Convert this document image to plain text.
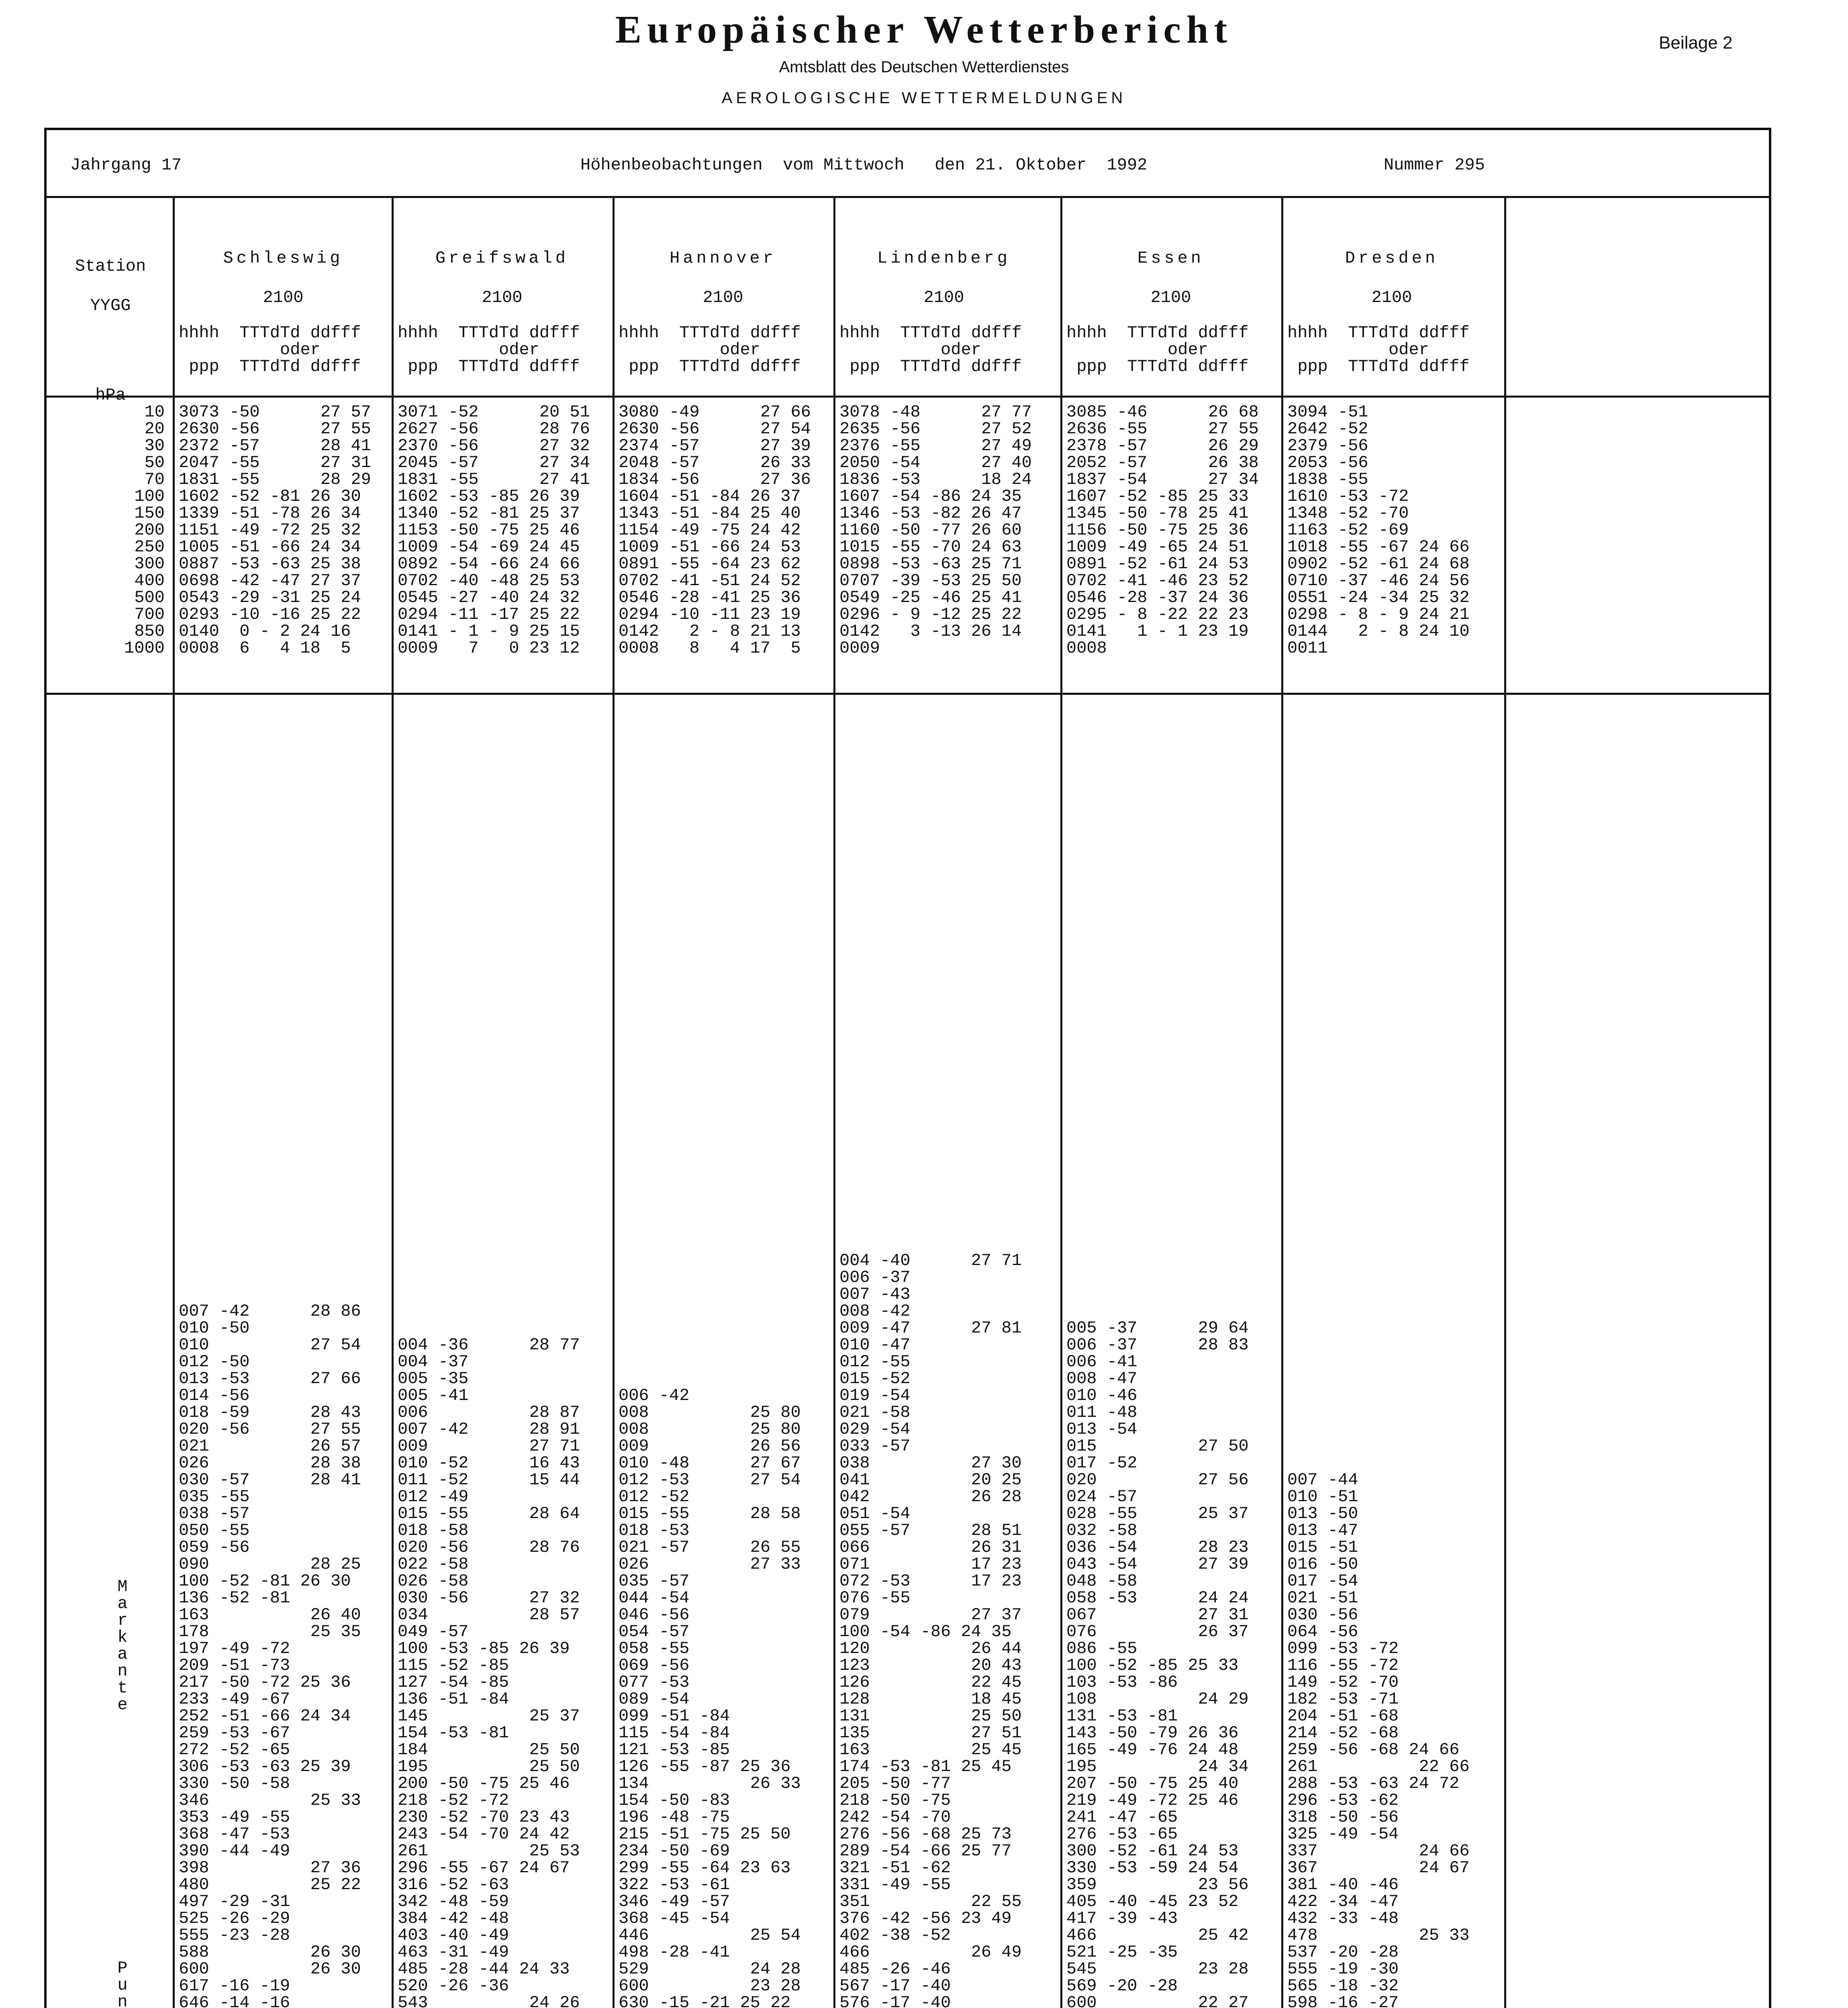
Europäischer Wetterbericht
Amtsblatt des Deutschen Wetterdienstes
AEROLOGISCHE WETTERMELDUNGEN
Beilage 2
Jahrgang 17	Höhenbeobachtungen  vom Mittwoch   den 21. Oktober  1992	Nummer 295
Station
YYGG
hPa
10
20
30
50
70
100
150
200
250
300
400
500
700
850
1000
M
a
r
k
a
n
t
e
P
u
n

Schleswig
2100
hhhh  TTTdTd ddfff
oder
ppp  TTTdTd ddfff
3073 -50      27 57
2630 -56      27 55
2372 -57      28 41
2047 -55      27 31
1831 -55      28 29
1602 -52 -81 26 30
1339 -51 -78 26 34
1151 -49 -72 25 32
1005 -51 -66 24 34
0887 -53 -63 25 38
0698 -42 -47 27 37
0543 -29 -31 25 24
0293 -10 -16 25 22
0140  0 - 2 24 16
0008  6   4 18  5
007 -42      28 86
010 -50
010          27 54
012 -50
013 -53      27 66
014 -56
018 -59      28 43
020 -56      27 55
021          26 57
026          28 38
030 -57      28 41
035 -55
038 -57
050 -55
059 -56
090          28 25
100 -52 -81 26 30
136 -52 -81
163          26 40
178          25 35
197 -49 -72
209 -51 -73
217 -50 -72 25 36
233 -49 -67
252 -51 -66 24 34
259 -53 -67
272 -52 -65
306 -53 -63 25 39
330 -50 -58
346          25 33
353 -49 -55
368 -47 -53
390 -44 -49
398          27 36
480          25 22
497 -29 -31
525 -26 -29
555 -23 -28
588          26 30
600          26 30
617 -16 -19
646 -14 -16

Greifswald
2100
hhhh  TTTdTd ddfff
oder
ppp  TTTdTd ddfff
3071 -52      20 51
2627 -56      28 76
2370 -56      27 32
2045 -57      27 34
1831 -55      27 41
1602 -53 -85 26 39
1340 -52 -81 25 37
1153 -50 -75 25 46
1009 -54 -69 24 45
0892 -54 -66 24 66
0702 -40 -48 25 53
0545 -27 -40 24 32
0294 -11 -17 25 22
0141 - 1 - 9 25 15
0009   7   0 23 12
004 -36      28 77
004 -37
005 -35
005 -41
006          28 87
007 -42      28 91
009          27 71
010 -52      16 43
011 -52      15 44
012 -49
015 -55      28 64
018 -58
020 -56      28 76
022 -58
026 -58
030 -56      27 32
034          28 57
049 -57
100 -53 -85 26 39
115 -52 -85
127 -54 -85
136 -51 -84
145          25 37
154 -53 -81
184          25 50
195          25 50
200 -50 -75 25 46
218 -52 -72
230 -52 -70 23 43
243 -54 -70 24 42
261          25 53
296 -55 -67 24 67
316 -52 -63
342 -48 -59
384 -42 -48
403 -40 -49
463 -31 -49
485 -28 -44 24 33
520 -26 -36
543          24 26

Hannover
2100
hhhh  TTTdTd ddfff
oder
ppp  TTTdTd ddfff
3080 -49      27 66
2630 -56      27 54
2374 -57      27 39
2048 -57      26 33
1834 -56      27 36
1604 -51 -84 26 37
1343 -51 -84 25 40
1154 -49 -75 24 42
1009 -51 -66 24 53
0891 -55 -64 23 62
0702 -41 -51 24 52
0546 -28 -41 25 36
0294 -10 -11 23 19
0142   2 - 8 21 13
0008   8   4 17  5
006 -42
008          25 80
008          25 80
009          26 56
010 -48      27 67
012 -53      27 54
012 -52
015 -55      28 58
018 -53
021 -57      26 55
026          27 33
035 -57
044 -54
046 -56
054 -57
058 -55
069 -56
077 -53
089 -54
099 -51 -84
115 -54 -84
121 -53 -85
126 -55 -87 25 36
134          26 33
154 -50 -83
196 -48 -75
215 -51 -75 25 50
234 -50 -69
299 -55 -64 23 63
322 -53 -61
346 -49 -57
368 -45 -54
446          25 54
498 -28 -41
529          24 28
600          23 28
630 -15 -21 25 22

Lindenberg
2100
hhhh  TTTdTd ddfff
oder
ppp  TTTdTd ddfff
3078 -48      27 77
2635 -56      27 52
2376 -55      27 49
2050 -54      27 40
1836 -53      18 24
1607 -54 -86 24 35
1346 -53 -82 26 47
1160 -50 -77 26 60
1015 -55 -70 24 63
0898 -53 -63 25 71
0707 -39 -53 25 50
0549 -25 -46 25 41
0296 - 9 -12 25 22
0142   3 -13 26 14
0009
004 -40      27 71
006 -37
007 -43
008 -42
009 -47      27 81
010 -47
012 -55
015 -52
019 -54
021 -58
029 -54
033 -57
038          27 30
041          20 25
042          26 28
051 -54
055 -57      28 51
066          26 31
071          17 23
072 -53      17 23
076 -55
079          27 37
100 -54 -86 24 35
120          26 44
123          20 43
126          22 45
128          18 45
131          25 50
135          27 51
163          25 45
174 -53 -81 25 45
205 -50 -77
218 -50 -75
242 -54 -70
276 -56 -68 25 73
289 -54 -66 25 77
321 -51 -62
331 -49 -55
351          22 55
376 -42 -56 23 49
402 -38 -52
466          26 49
485 -26 -46
567 -17 -40
576 -17 -40

Essen
2100
hhhh  TTTdTd ddfff
oder
ppp  TTTdTd ddfff
3085 -46      26 68
2636 -55      27 55
2378 -57      26 29
2052 -57      26 38
1837 -54      27 34
1607 -52 -85 25 33
1345 -50 -78 25 41
1156 -50 -75 25 36
1009 -49 -65 24 51
0891 -52 -61 24 53
0702 -41 -46 23 52
0546 -28 -37 24 36
0295 - 8 -22 22 23
0141   1 - 1 23 19
0008
005 -37      29 64
006 -37      28 83
006 -41
008 -47
010 -46
011 -48
013 -54
015          27 50
017 -52
020          27 56
024 -57
028 -55      25 37
032 -58
036 -54      28 23
043 -54      27 39
048 -58
058 -53      24 24
067          27 31
076          26 37
086 -55
100 -52 -85 25 33
103 -53 -86
108          24 29
131 -53 -81
143 -50 -79 26 36
165 -49 -76 24 48
195          24 34
207 -50 -75 25 40
219 -49 -72 25 46
241 -47 -65
276 -53 -65
300 -52 -61 24 53
330 -53 -59 24 54
359          23 56
405 -40 -45 23 52
417 -39 -43
466          25 42
521 -25 -35
545          23 28
569 -20 -28
600          22 27

Dresden
2100
hhhh  TTTdTd ddfff
oder
ppp  TTTdTd ddfff
3094 -51
2642 -52
2379 -56
2053 -56
1838 -55
1610 -53 -72
1348 -52 -70
1163 -52 -69
1018 -55 -67 24 66
0902 -52 -61 24 68
0710 -37 -46 24 56
0551 -24 -34 25 32
0298 - 8 - 9 24 21
0144   2 - 8 24 10
0011
007 -44
010 -51
013 -50
013 -47
015 -51
016 -50
017 -54
021 -51
030 -56
064 -56
099 -53 -72
116 -55 -72
149 -52 -70
182 -53 -71
204 -51 -68
214 -52 -68
259 -56 -68 24 66
261          22 66
288 -53 -63 24 72
296 -53 -62
318 -50 -56
325 -49 -54
337          24 66
367          24 67
381 -40 -46
422 -34 -47
432 -33 -48
478          25 33
537 -20 -28
555 -19 -30
565 -18 -32
598 -16 -27
